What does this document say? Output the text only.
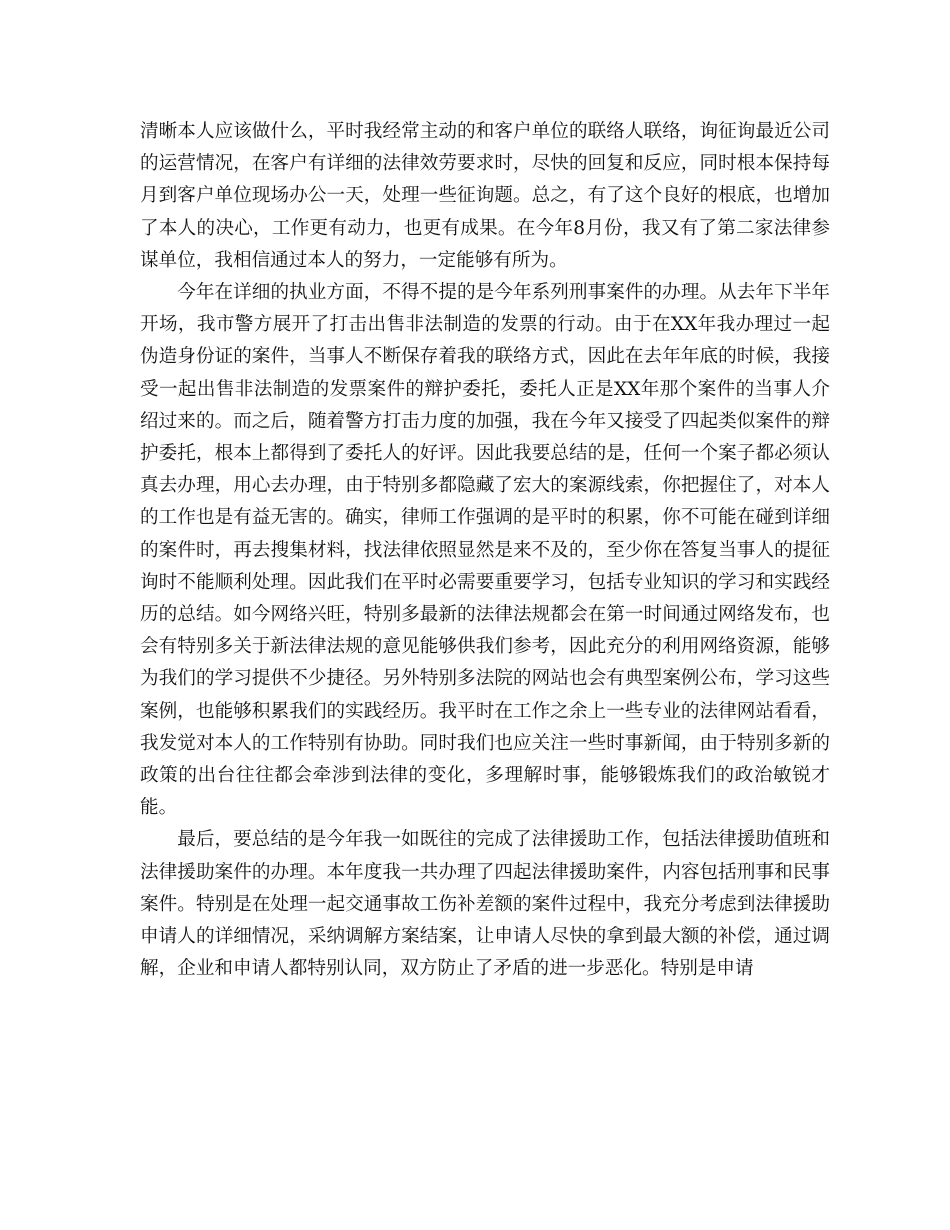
清晰本人应该做什么，平时我经常主动的和客户单位的联络人联络，询征询最近公司的运营情况，在客户有详细的法律效劳要求时，尽快的回复和反应，同时根本保持每月到客户单位现场办公一天，处理一些征询题。总之，有了这个良好的根底，也增加了本人的决心，工作更有动力，也更有成果。在今年8月份，我又有了第二家法律参谋单位，我相信通过本人的努力，一定能够有所为。

今年在详细的执业方面，不得不提的是今年系列刑事案件的办理。从去年下半年开场，我市警方展开了打击出售非法制造的发票的行动。由于在XX年我办理过一起伪造身份证的案件，当事人不断保存着我的联络方式，因此在去年年底的时候，我接受一起出售非法制造的发票案件的辩护委托，委托人正是XX年那个案件的当事人介绍过来的。而之后，随着警方打击力度的加强，我在今年又接受了四起类似案件的辩护委托，根本上都得到了委托人的好评。因此我要总结的是，任何一个案子都必须认真去办理，用心去办理，由于特别多都隐藏了宏大的案源线索，你把握住了，对本人的工作也是有益无害的。确实，律师工作强调的是平时的积累，你不可能在碰到详细的案件时，再去搜集材料，找法律依照显然是来不及的，至少你在答复当事人的提征询时不能顺利处理。因此我们在平时必需要重要学习，包括专业知识的学习和实践经历的总结。如今网络兴旺，特别多最新的法律法规都会在第一时间通过网络发布，也会有特别多关于新法律法规的意见能够供我们参考，因此充分的利用网络资源，能够为我们的学习提供不少捷径。另外特别多法院的网站也会有典型案例公布，学习这些案例，也能够积累我们的实践经历。我平时在工作之余上一些专业的法律网站看看，我发觉对本人的工作特别有协助。同时我们也应关注一些时事新闻，由于特别多新的政策的出台往往都会牵涉到法律的变化，多理解时事，能够锻炼我们的政治敏锐才能。

最后，要总结的是今年我一如既往的完成了法律援助工作，包括法律援助值班和法律援助案件的办理。本年度我一共办理了四起法律援助案件，内容包括刑事和民事案件。特别是在处理一起交通事故工伤补差额的案件过程中，我充分考虑到法律援助申请人的详细情况，采纳调解方案结案，让申请人尽快的拿到最大额的补偿，通过调解，企业和申请人都特别认同，双方防止了矛盾的进一步恶化。特别是申请
